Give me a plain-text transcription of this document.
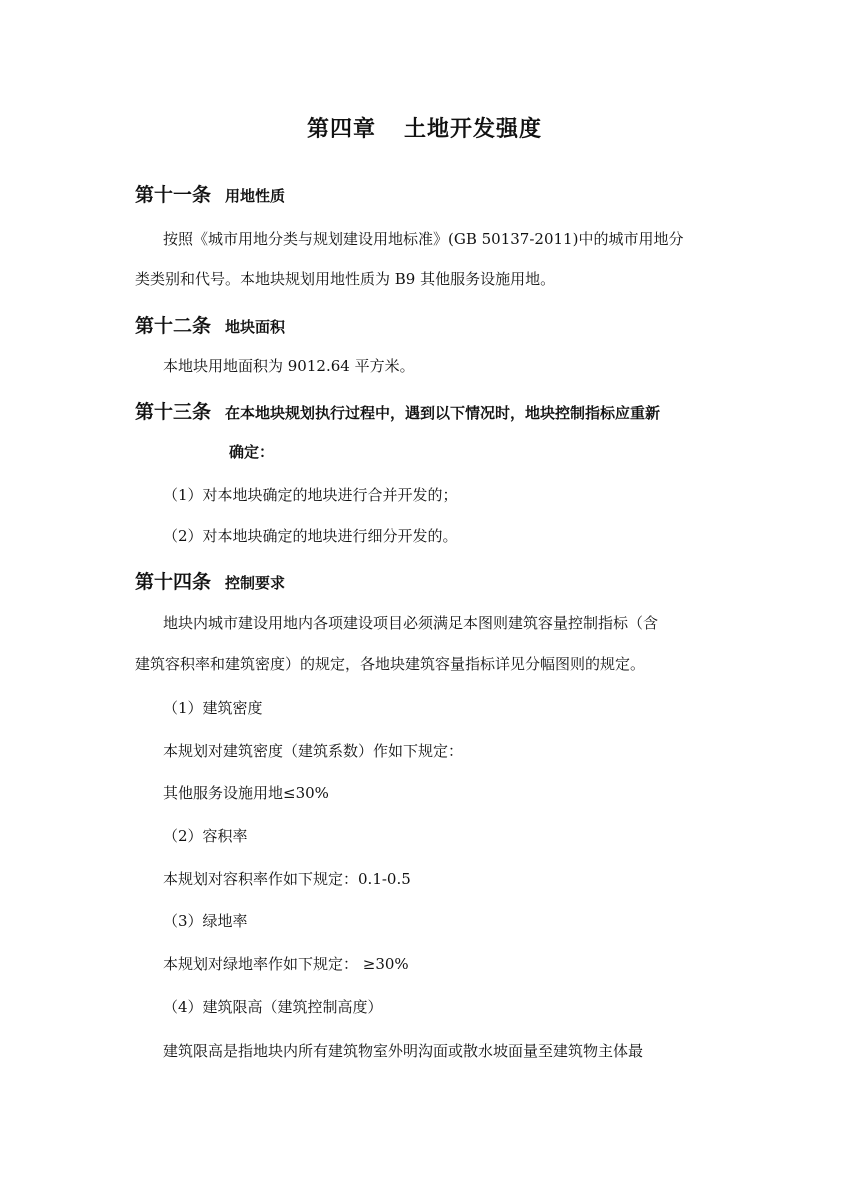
第四章 土地开发强度
第十一条 用地性质
按照《城市用地分类与规划建设用地标准》(GB 50137-2011)中的城市用地分
类类别和代号。本地块规划用地性质为 B9 其他服务设施用地。
第十二条 地块面积
本地块用地面积为 9012.64 平方米。
第十三条 在本地块规划执行过程中，遇到以下情况时，地块控制指标应重新
确定：
（1）对本地块确定的地块进行合并开发的；
（2）对本地块确定的地块进行细分开发的。
第十四条 控制要求
地块内城市建设用地内各项建设项目必须满足本图则建筑容量控制指标（含
建筑容积率和建筑密度）的规定，各地块建筑容量指标详见分幅图则的规定。
（1）建筑密度
本规划对建筑密度（建筑系数）作如下规定：
其他服务设施用地≤30%
（2）容积率
本规划对容积率作如下规定：0.1-0.5
（3）绿地率
本规划对绿地率作如下规定： ≥30%
（4）建筑限高（建筑控制高度）
建筑限高是指地块内所有建筑物室外明沟面或散水坡面量至建筑物主体最
